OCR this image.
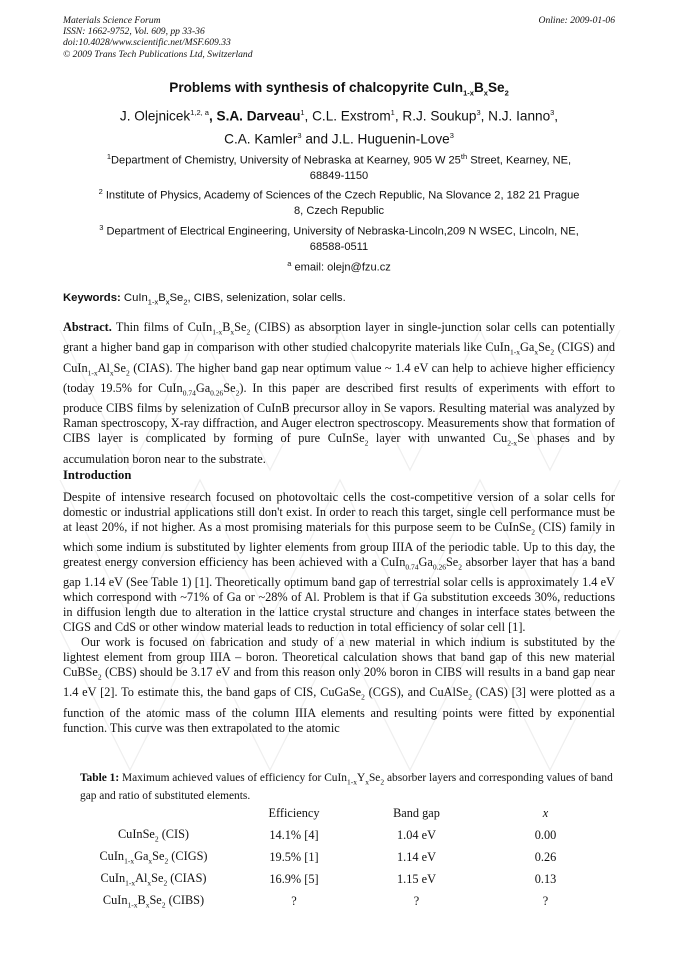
Materials Science Forum
ISSN: 1662-9752, Vol. 609, pp 33-36
doi:10.4028/www.scientific.net/MSF.609.33
© 2009 Trans Tech Publications Ltd, Switzerland
Online: 2009-01-06
Problems with synthesis of chalcopyrite $CuIn_{1-x}B_xSe_2$
J. Olejnicek$^{1,2, a}$, S.A. Darveau$^1$, C.L. Exstrom$^1$, R.J. Soukup$^3$, N.J. Ianno$^3$,
C.A. Kamler$^3$ and J.L. Huguenin-Love$^3$
$^1$Department of Chemistry, University of Nebraska at Kearney, 905 W 25th Street, Kearney, NE,
68849-1150
$^2$ Institute of Physics, Academy of Sciences of the Czech Republic, Na Slovance 2, 182 21 Prague
8, Czech Republic
$^3$ Department of Electrical Engineering, University of Nebraska-Lincoln,209 N WSEC, Lincoln, NE,
68588-0511
$^a$ email: olejn@fzu.cz
Keywords: $CuIn_{1-x}B_xSe_2$, CIBS, selenization, solar cells.

Abstract. Thin films of $CuIn_{1-x}B_xSe_2$ (CIBS) as absorption layer in single-junction solar cells can potentially grant a higher band gap in comparison with other studied chalcopyrite materials like $CuIn_{1-x}Ga_xSe_2$ (CIGS) and $CuIn_{1-x}Al_xSe_2$ (CIAS). The higher band gap near optimum value ~ 1.4 eV can help to achieve higher efficiency (today 19.5% for $CuIn_{0.74}Ga_{0.26}Se_2$). In this paper are described first results of experiments with effort to produce CIBS films by selenization of CuInB precursor alloy in Se vapors. Resulting material was analyzed by Raman spectroscopy, X-ray diffraction, and Auger electron spectroscopy. Measurements show that formation of CIBS layer is complicated by forming of pure CuInSe$_2$ layer with unwanted $Cu_{2-x}Se$ phases and by accumulation boron near to the substrate.

Introduction

Despite of intensive research focused on photovoltaic cells the cost-competitive version of a solar cells for domestic or industrial applications still don't exist. In order to reach this target, single cell performance must be at least 20%, if not higher. As a most promising materials for this purpose seem to be CuInSe$_2$ (CIS) family in which some indium is substituted by lighter elements from group IIIA of the periodic table. Up to this day, the greatest energy conversion efficiency has been achieved with a $CuIn_{0.74}Ga_{0.26}Se_2$ absorber layer that has a band gap 1.14 eV (See Table 1) [1]. Theoretically optimum band gap of terrestrial solar cells is approximately 1.4 eV which correspond with ~71% of Ga or ~28% of Al. Problem is that if Ga substitution exceeds 30%, reductions in diffusion length due to alteration in the lattice crystal structure and changes in interface states between the CIGS and CdS or other window material leads to reduction in total efficiency of solar cell [1].

Our work is focused on fabrication and study of a new material in which indium is substituted by the lightest element from group IIIA – boron. Theoretical calculation shows that band gap of this new material CuBSe$_2$ (CBS) should be 3.17 eV and from this reason only 20% boron in CIBS will results in a band gap near 1.4 eV [2]. To estimate this, the band gaps of CIS, CuGaSe$_2$ (CGS), and CuAlSe$_2$ (CAS) [3] were plotted as a function of the atomic mass of the column IIIA elements and resulting points were fitted by exponential function. This curve was then extrapolated to the atomic

Table 1: Maximum achieved values of efficiency for $CuIn_{1-x}Y_xSe_2$ absorber layers and corresponding values of band gap and ratio of substituted elements.
	Efficiency	Band gap	x
CuInSe$_2$ (CIS)	14.1% [4]	1.04 eV	0.00
$CuIn_{1-x}Ga_xSe_2$ (CIGS)	19.5% [1]	1.14 eV	0.26
$CuIn_{1-x}Al_xSe_2$ (CIAS)	16.9% [5]	1.15 eV	0.13
$CuIn_{1-x}B_xSe_2$ (CIBS)	?	?	?
